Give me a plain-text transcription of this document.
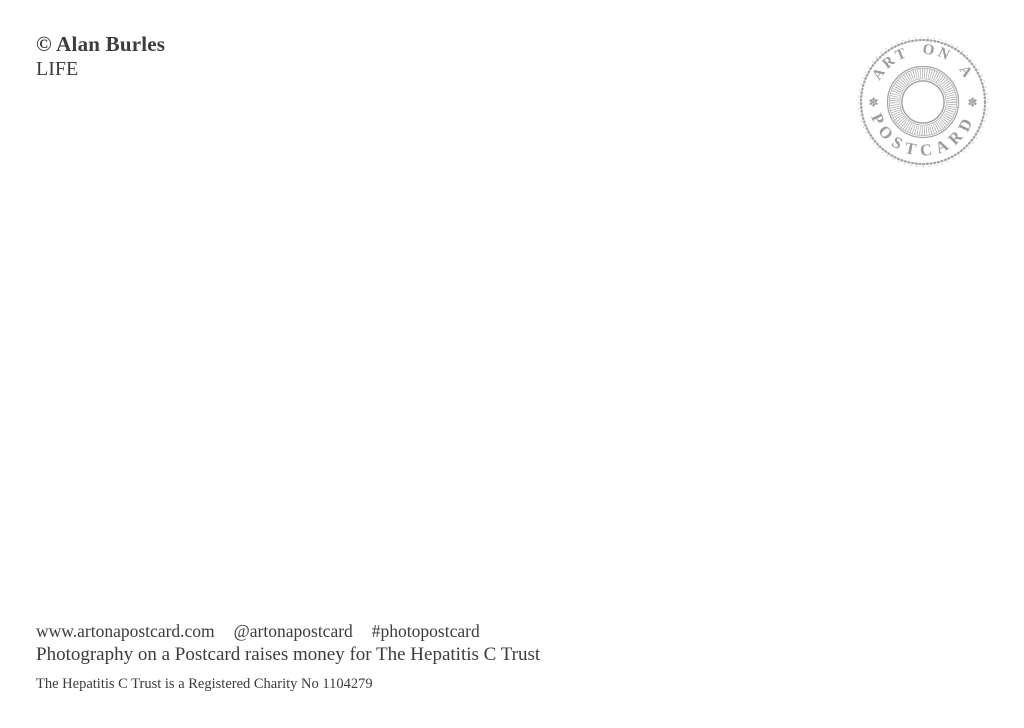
© Alan Burles
LIFE	ART ON A
POSTCARD
✽	✽
www.artonapostcard.com @artonapostcard #photopostcard
Photography on a Postcard raises money for The Hepatitis C Trust
The Hepatitis C Trust is a Registered Charity No 1104279
